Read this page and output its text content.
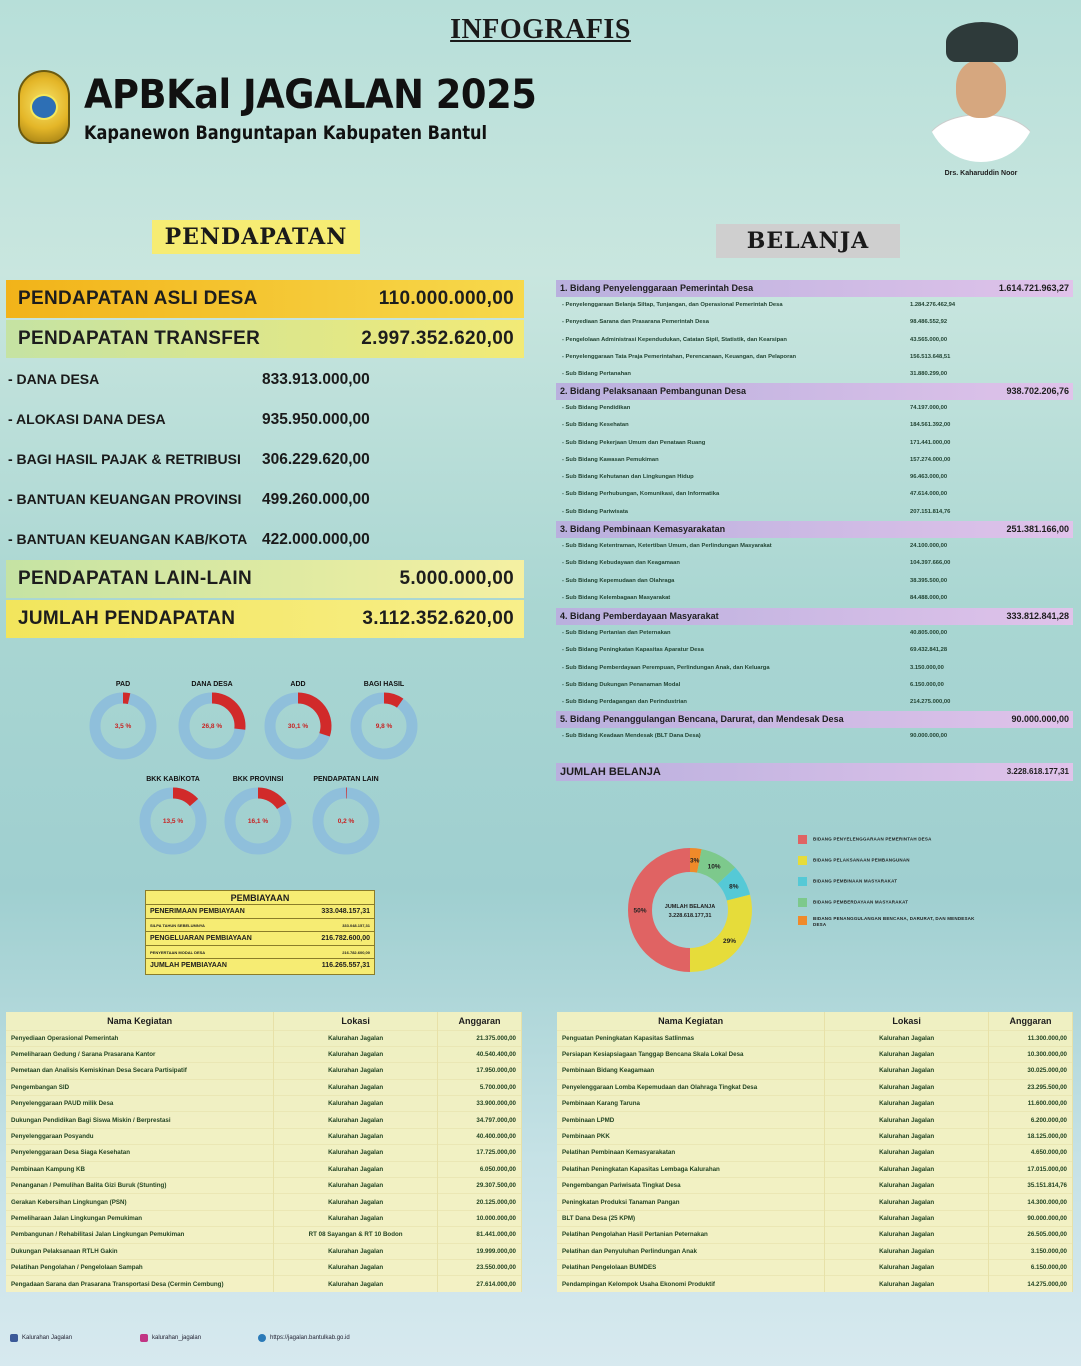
INFOGRAFIS
APBKal JAGALAN 2025
Kapanewon Banguntapan Kabupaten Bantul
Drs. Kaharuddin Noor
PENDAPATAN	BELANJA
PENDAPATAN ASLI DESA	110.000.000,00
PENDAPATAN TRANSFER	2.997.352.620,00
- DANA DESA	833.913.000,00
- ALOKASI DANA DESA	935.950.000,00
- BAGI HASIL PAJAK & RETRIBUSI 306.229.620,00
- BANTUAN KEUANGAN PROVINSI 499.260.000,00
- BANTUAN KEUANGAN KAB/KOTA 422.000.000,00
PENDAPATAN LAIN-LAIN	5.000.000,00
JUMLAH PENDAPATAN	3.112.352.620,00
3,5 %
PAD
26,8 %
DANA DESA
30,1 %
ADD
9,8 %
BAGI HASIL
13,5 %
BKK KAB/KOTA
16,1 %
BKK PROVINSI
0,2 %
PENDAPATAN LAIN
PEMBIAYAAN
PENERIMAAN PEMBIAYAAN	333.048.157,31
SILPA TAHUN SEBELUMNYA	333.048.157,31
PENGELUARAN PEMBIAYAAN	216.782.600,00
PENYERTAAN MODAL DESA	216.782.600,00
JUMLAH PEMBIAYAAN	116.265.557,31
1. Bidang Penyelenggaraan Pemerintah Desa	1.614.721.963,27
- Penyelenggaraan Belanja Siltap, Tunjangan, dan Operasional Pemerintah Desa	1.284.276.462,94
- Penyediaan Sarana dan Prasarana Pemerintah Desa	98.486.552,92
- Pengelolaan Administrasi Kependudukan, Catatan Sipil, Statistik, dan Kearsipan	43.565.000,00
- Penyelenggaraan Tata Praja Pemerintahan, Perencanaan, Keuangan, dan Pelaporan	156.513.648,51
- Sub Bidang Pertanahan	31.880.299,00
2. Bidang Pelaksanaan Pembangunan Desa	938.702.206,76
- Sub Bidang Pendidikan	74.197.000,00
- Sub Bidang Kesehatan	184.561.392,00
- Sub Bidang Pekerjaan Umum dan Penataan Ruang	171.441.000,00
- Sub Bidang Kawasan Pemukiman	157.274.000,00
- Sub Bidang Kehutanan dan Lingkungan Hidup	96.463.000,00
- Sub Bidang Perhubungan, Komunikasi, dan Informatika	47.614.000,00
- Sub Bidang Pariwisata	207.151.814,76
3. Bidang Pembinaan Kemasyarakatan	251.381.166,00
- Sub Bidang Ketentraman, Ketertiban Umum, dan Perlindungan Masyarakat	24.100.000,00
- Sub Bidang Kebudayaan dan Keagamaan	104.397.666,00
- Sub Bidang Kepemudaan dan Olahraga	38.395.500,00
- Sub Bidang Kelembagaan Masyarakat	84.488.000,00
4. Bidang Pemberdayaan Masyarakat	333.812.841,28
- Sub Bidang Pertanian dan Peternakan	40.805.000,00
- Sub Bidang Peningkatan Kapasitas Aparatur Desa	69.432.841,28
- Sub Bidang Pemberdayaan Perempuan, Perlindungan Anak, dan Keluarga	3.150.000,00
- Sub Bidang Dukungan Penanaman Modal	6.150.000,00
- Sub Bidang Perdagangan dan Perindustrian	214.275.000,00
5. Bidang Penanggulangan Bencana, Darurat, dan Mendesak Desa	90.000.000,00
- Sub Bidang Keadaan Mendesak (BLT Dana Desa)	90.000.000,00
JUMLAH BELANJA	3.228.618.177,31
3%
10%
8%
29%
50%
JUMLAH BELANJA
3.228.618.177,31
BIDANG PENYELENGGARAAN PEMERINTAH DESA
BIDANG PELAKSANAAN PEMBANGUNAN
BIDANG PEMBINAAN MASYARAKAT
BIDANG PEMBERDAYAAN MASYARAKAT
BIDANG PENANGGULANGAN BENCANA, DARURAT, DAN MENDESAK DESA
Nama Kegiatan	Lokasi	Anggaran
Penyediaan Operasional Pemerintah	Kalurahan Jagalan	21.375.000,00
Pemeliharaan Gedung / Sarana Prasarana Kantor	Kalurahan Jagalan	40.540.400,00
Pemetaan dan Analisis Kemiskinan Desa Secara Partisipatif	Kalurahan Jagalan	17.950.000,00
Pengembangan SID	Kalurahan Jagalan	5.700.000,00
Penyelenggaraan PAUD milik Desa	Kalurahan Jagalan	33.900.000,00
Dukungan Pendidikan Bagi Siswa Miskin / Berprestasi	Kalurahan Jagalan	34.797.000,00
Penyelenggaraan Posyandu	Kalurahan Jagalan	40.400.000,00
Penyelenggaraan Desa Siaga Kesehatan	Kalurahan Jagalan	17.725.000,00
Pembinaan Kampung KB	Kalurahan Jagalan	6.050.000,00
Penanganan / Pemulihan Balita Gizi Buruk (Stunting)	Kalurahan Jagalan	29.307.500,00
Gerakan Kebersihan Lingkungan (PSN)	Kalurahan Jagalan	20.125.000,00
Pemeliharaan Jalan Lingkungan Pemukiman	Kalurahan Jagalan	10.000.000,00
Pembangunan / Rehabilitasi Jalan Lingkungan Pemukiman	RT 08 Sayangan & RT 10 Bodon	81.441.000,00
Dukungan Pelaksanaan RTLH Gakin	Kalurahan Jagalan	19.999.000,00
Pelatihan Pengolahan / Pengelolaan Sampah	Kalurahan Jagalan	23.550.000,00
Pengadaan Sarana dan Prasarana Transportasi Desa (Cermin Cembung)	Kalurahan Jagalan	27.614.000,00
Nama Kegiatan	Lokasi	Anggaran
Penguatan Peningkatan Kapasitas Satlinmas	Kalurahan Jagalan	11.300.000,00
Persiapan Kesiapsiagaan Tanggap Bencana Skala Lokal Desa	Kalurahan Jagalan	10.300.000,00
Pembinaan Bidang Keagamaan	Kalurahan Jagalan	30.025.000,00
Penyelenggaraan Lomba Kepemudaan dan Olahraga Tingkat Desa	Kalurahan Jagalan	23.295.500,00
Pembinaan Karang Taruna	Kalurahan Jagalan	11.600.000,00
Pembinaan LPMD	Kalurahan Jagalan	6.200.000,00
Pembinaan PKK	Kalurahan Jagalan	18.125.000,00
Pelatihan Pembinaan Kemasyarakatan	Kalurahan Jagalan	4.650.000,00
Pelatihan Peningkatan Kapasitas Lembaga Kalurahan	Kalurahan Jagalan	17.015.000,00
Pengembangan Pariwisata Tingkat Desa	Kalurahan Jagalan	35.151.814,76
Peningkatan Produksi Tanaman Pangan	Kalurahan Jagalan	14.300.000,00
BLT Dana Desa (25 KPM)	Kalurahan Jagalan	90.000.000,00
Pelatihan Pengolahan Hasil Pertanian Peternakan	Kalurahan Jagalan	26.505.000,00
Pelatihan dan Penyuluhan Perlindungan Anak	Kalurahan Jagalan	3.150.000,00
Pelatihan Pengelolaan BUMDES	Kalurahan Jagalan	6.150.000,00
Pendampingan Kelompok Usaha Ekonomi Produktif	Kalurahan Jagalan	14.275.000,00
Kalurahan Jagalan	kalurahan_jagalan	https://jagalan.bantulkab.go.id
